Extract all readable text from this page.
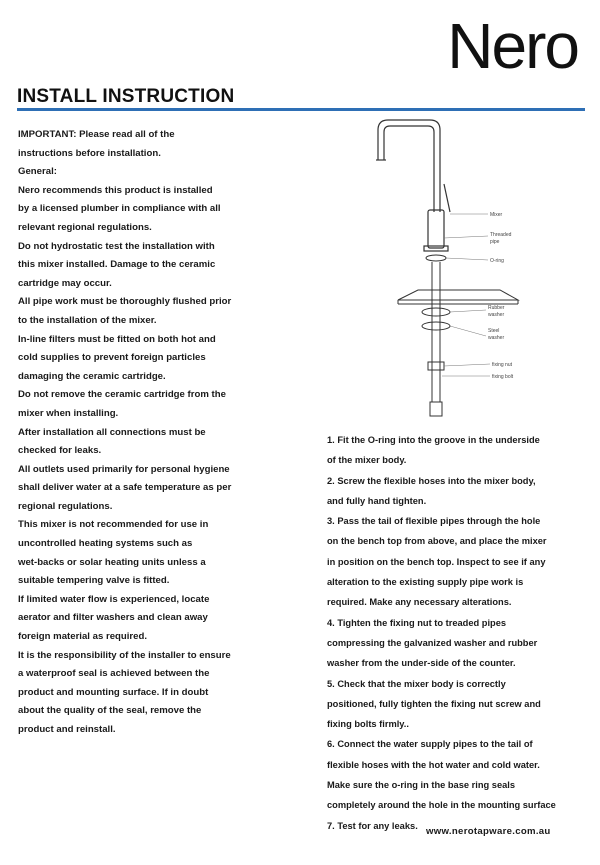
Nero
INSTALL INSTRUCTION

IMPORTANT: Please read all of the

instructions before installation.

General:

Nero recommends this product is installed

by a licensed plumber in compliance with all

relevant regional regulations.

Do not hydrostatic test the installation with

this mixer installed. Damage to the ceramic

cartridge may occur.

All pipe work must be thoroughly flushed prior

to the installation of the mixer.

In-line filters must be fitted on both hot and

cold supplies to prevent foreign particles

damaging the ceramic cartridge.

Do not remove the ceramic cartridge from the

mixer when installing.

After installation all connections must be

checked for leaks.

All outlets used primarily for personal hygiene

shall deliver water at a safe temperature as per

regional regulations.

This mixer is not recommended for use in

uncontrolled heating systems such as

wet-backs or solar heating units unless a

suitable tempering valve is fitted.

If limited water flow is experienced, locate

aerator and filter washers and clean away

foreign material as required.

It is the responsibility of the installer to ensure

a waterproof seal is achieved between the

product and mounting surface. If in doubt

about the quality of the seal, remove the

product and reinstall.

Mixer
Threaded
pipe
O-ring
Rubber
washer
Steel
washer
fixing nut
fixing bolt

1. Fit the O-ring into the groove in the underside

of the mixer body.

2. Screw the flexible hoses into the mixer body,

and fully hand tighten.

3. Pass the tail of flexible pipes through the hole

on the bench top from above, and place the mixer

in position on the bench top. Inspect to see if any

alteration to the existing supply pipe work is

required. Make any necessary alterations.

4. Tighten the fixing nut to treaded pipes

compressing the galvanized washer and rubber

washer from the under-side of the counter.

5. Check that the mixer body is correctly

positioned, fully tighten the fixing nut screw and

fixing bolts firmly..

6. Connect the water supply pipes to the tail of

flexible hoses with the hot water and cold water.

Make sure the o-ring in the base ring seals

completely around the hole in the mounting surface

7. Test for any leaks.

www.nerotapware.com.au
